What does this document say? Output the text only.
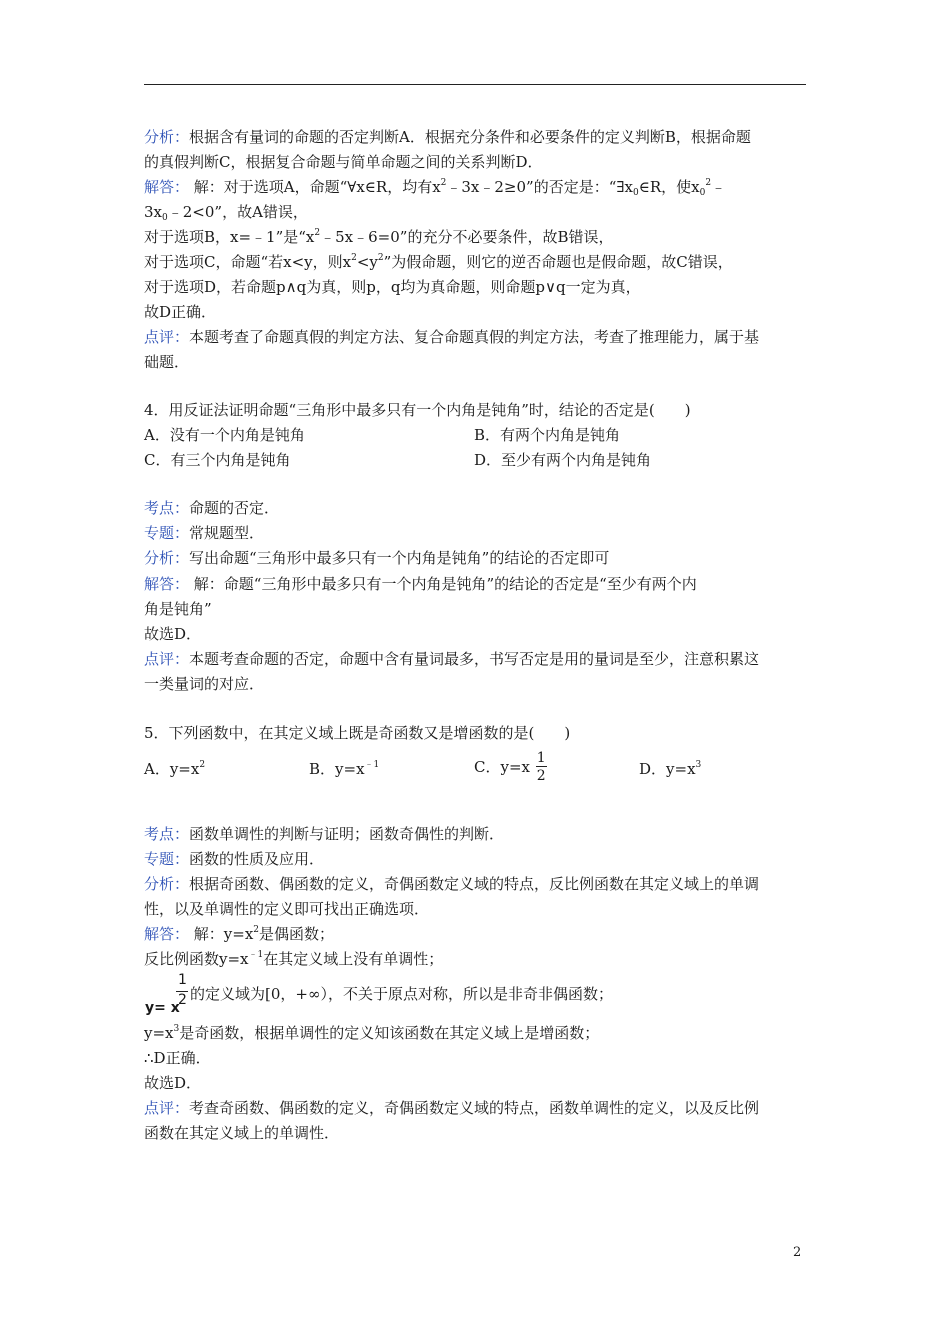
分析：根据含有量词的命题的否定判断A．根据充分条件和必要条件的定义判断B，根据命题
的真假判断C，根据复合命题与简单命题之间的关系判断D．
解答： 解：对于选项A，命题“∀x∈R，均有$x^2﹣3x﹣2\ge 0$”的否定是：“$\exists x_0\in R$，使$x_0^2﹣$
$3x_0﹣2<0$”，故A错误，
对于选项B，x=﹣1”是“$x^2﹣5x﹣6=0$”的充分不必要条件，故B错误，
对于选项C，命题“若x<y，则$x^2<y^2$”为假命题，则它的逆否命题也是假命题，故C错误，
对于选项D，若命题p∧q为真，则p，q均为真命题，则命题p∨q一定为真，
故D正确．
点评：本题考查了命题真假的判定方法、复合命题真假的判定方法，考查了推理能力，属于基
础题．
4．用反证法证明命题“三角形中最多只有一个内角是钝角”时，结论的否定是(　　)
A．没有一个内角是钝角	B．有两个内角是钝角
C．有三个内角是钝角	D．至少有两个内角是钝角
考点：命题的否定．
专题：常规题型．
分析：写出命题“三角形中最多只有一个内角是钝角”的结论的否定即可
解答： 解：命题“三角形中最多只有一个内角是钝角”的结论的否定是“至少有两个内
角是钝角”
故选D．
点评：本题考查命题的否定，命题中含有量词最多，书写否定是用的量词是至少，注意积累这
一类量词的对应．
5．下列函数中，在其定义域上既是奇函数又是增函数的是(　　)
A．$y=x^2$	B．$y=x^{﹣1}$	C．$y=x \frac{1}{2}$	D．$y=x^3$
考点：函数单调性的判断与证明；函数奇偶性的判断．
专题：函数的性质及应用．
分析：根据奇函数、偶函数的定义，奇偶函数定义域的特点，反比例函数在其定义域上的单调
性，以及单调性的定义即可找出正确选项．
解答： 解：$y=x^2$是偶函数；
反比例函数$y=x^{﹣1}$在其定义域上没有单调性；
y= x
1
2 的定义域为[0，+∞），不关于原点对称，所以是非奇非偶函数；
$y=x^3$是奇函数，根据单调性的定义知该函数在其定义域上是增函数；
∴D正确．
故选D．
点评：考查奇函数、偶函数的定义，奇偶函数定义域的特点，函数单调性的定义，以及反比例
函数在其定义域上的单调性．
2
